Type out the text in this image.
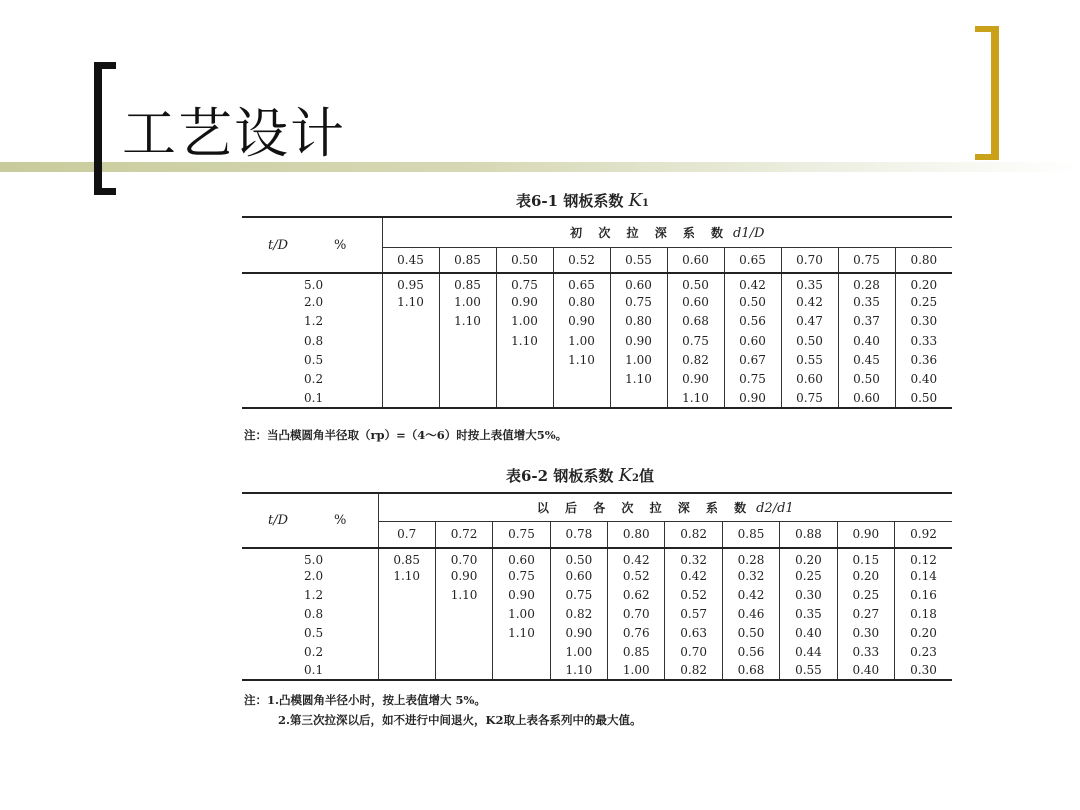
工艺设计
表6-1 钢板系数 K1
t/D %	初 次 拉 深 系 数 d1/D									
	0.45	0.85	0.50	0.52	0.55	0.60	0.65	0.70	0.75	0.80
5.0	0.95	0.85	0.75	0.65	0.60	0.50	0.42	0.35	0.28	0.20
2.0	1.10	1.00	0.90	0.80	0.75	0.60	0.50	0.42	0.35	0.25
1.2		1.10	1.00	0.90	0.80	0.68	0.56	0.47	0.37	0.30
0.8			1.10	1.00	0.90	0.75	0.60	0.50	0.40	0.33
0.5				1.10	1.00	0.82	0.67	0.55	0.45	0.36
0.2					1.10	0.90	0.75	0.60	0.50	0.40
0.1						1.10	0.90	0.75	0.60	0.50
注：当凸模圆角半径取（rp）=（4～6）时按上表值增大5%。
表6-2 钢板系数 K2值
t/D %	以 后 各 次 拉 深 系 数 d2/d1									
	0.7	0.72	0.75	0.78	0.80	0.82	0.85	0.88	0.90	0.92
5.0	0.85	0.70	0.60	0.50	0.42	0.32	0.28	0.20	0.15	0.12
2.0	1.10	0.90	0.75	0.60	0.52	0.42	0.32	0.25	0.20	0.14
1.2		1.10	0.90	0.75	0.62	0.52	0.42	0.30	0.25	0.16
0.8			1.00	0.82	0.70	0.57	0.46	0.35	0.27	0.18
0.5			1.10	0.90	0.76	0.63	0.50	0.40	0.30	0.20
0.2				1.00	0.85	0.70	0.56	0.44	0.33	0.23
0.1				1.10	1.00	0.82	0.68	0.55	0.40	0.30
注：1.凸模圆角半径小时，按上表值增大 5%。
2.第三次拉深以后，如不进行中间退火，K2取上表各系列中的最大值。
